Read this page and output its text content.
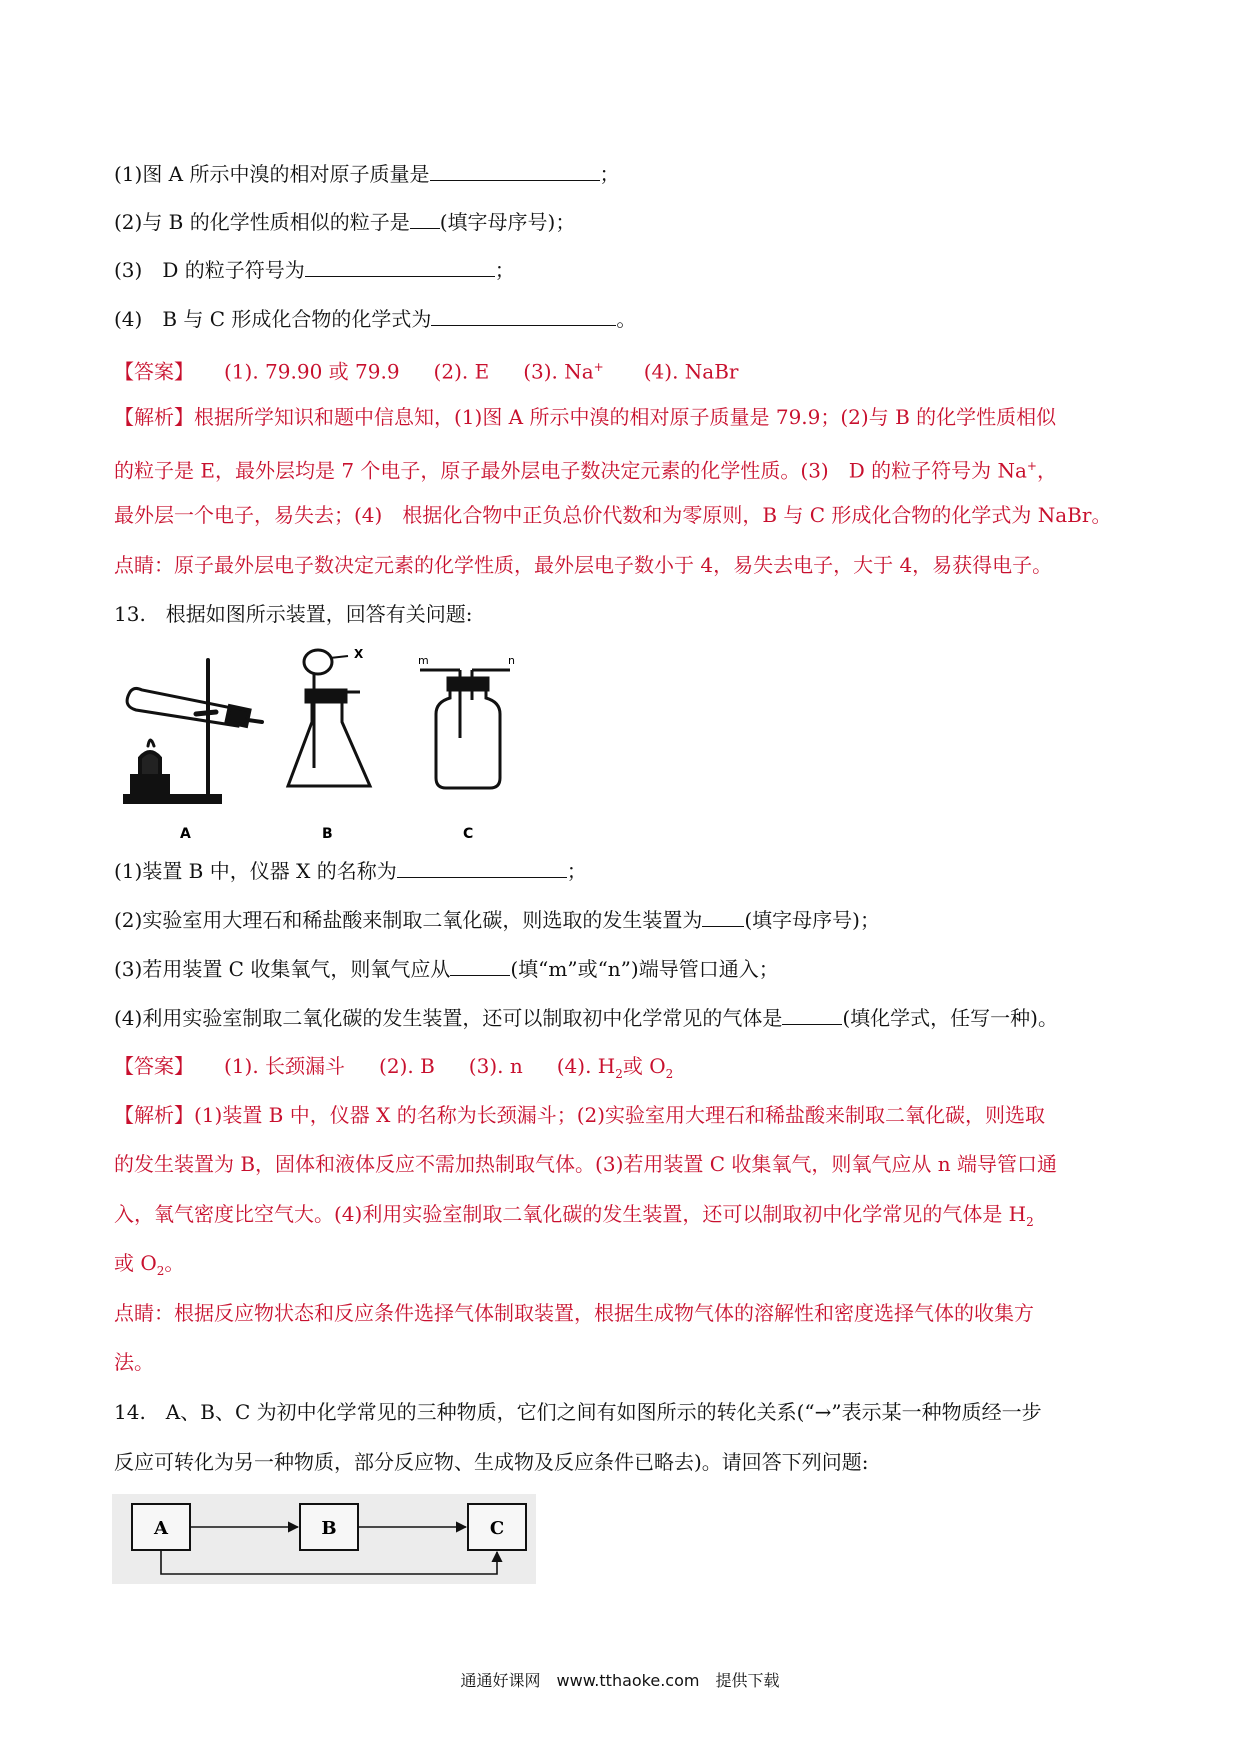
(1)图 A 所示中溴的相对原子质量是	；
(2)与 B 的化学性质相似的粒子是 (填字母序号)；
(3)　D 的粒子符号为	；
(4)　B 与 C 形成化合物的化学式为	。
【答案】 (1). 79.90 或 79.9 (2). E (3). Na+ (4). NaBr
【解析】根据所学知识和题中信息知，(1)图 A 所示中溴的相对原子质量是 79.9；(2)与 B 的化学性质相似
的粒子是 E，最外层均是 7 个电子，原子最外层电子数决定元素的化学性质。(3)　D 的粒子符号为 Na+，
最外层一个电子，易失去；(4)　根据化合物中正负总价代数和为零原则，B 与 C 形成化合物的化学式为 NaBr。
点睛：原子最外层电子数决定元素的化学性质，最外层电子数小于 4，易失去电子，大于 4，易获得电子。
13.　根据如图所示装置，回答有关问题:
A
X
B
m	n
C
(1)装置 B 中，仪器 X 的名称为	；
(2)实验室用大理石和稀盐酸来制取二氧化碳，则选取的发生装置为 (填字母序号)；
(3)若用装置 C 收集氧气，则氧气应从	(填“m”或“n”)端导管口通入；
(4)利用实验室制取二氧化碳的发生装置，还可以制取初中化学常见的气体是	(填化学式，任写一种)。
【答案】 (1). 长颈漏斗 (2). B (3). n (4). $H_2$或 $O_2$
【解析】(1)装置 B 中，仪器 X 的名称为长颈漏斗；(2)实验室用大理石和稀盐酸来制取二氧化碳，则选取
的发生装置为 B，固体和液体反应不需加热制取气体。(3)若用装置 C 收集氧气，则氧气应从 n 端导管口通
入，氧气密度比空气大。(4)利用实验室制取二氧化碳的发生装置，还可以制取初中化学常见的气体是 $H_2$
或 $O_2$。
点睛：根据反应物状态和反应条件选择气体制取装置，根据生成物气体的溶解性和密度选择气体的收集方
法。
14.　A、B、C 为初中化学常见的三种物质，它们之间有如图所示的转化关系(“→”表示某一种物质经一步
反应可转化为另一种物质，部分反应物、生成物及反应条件已略去)。请回答下列问题:
A	B	C
通通好课网　www.tthaoke.com　提供下载
